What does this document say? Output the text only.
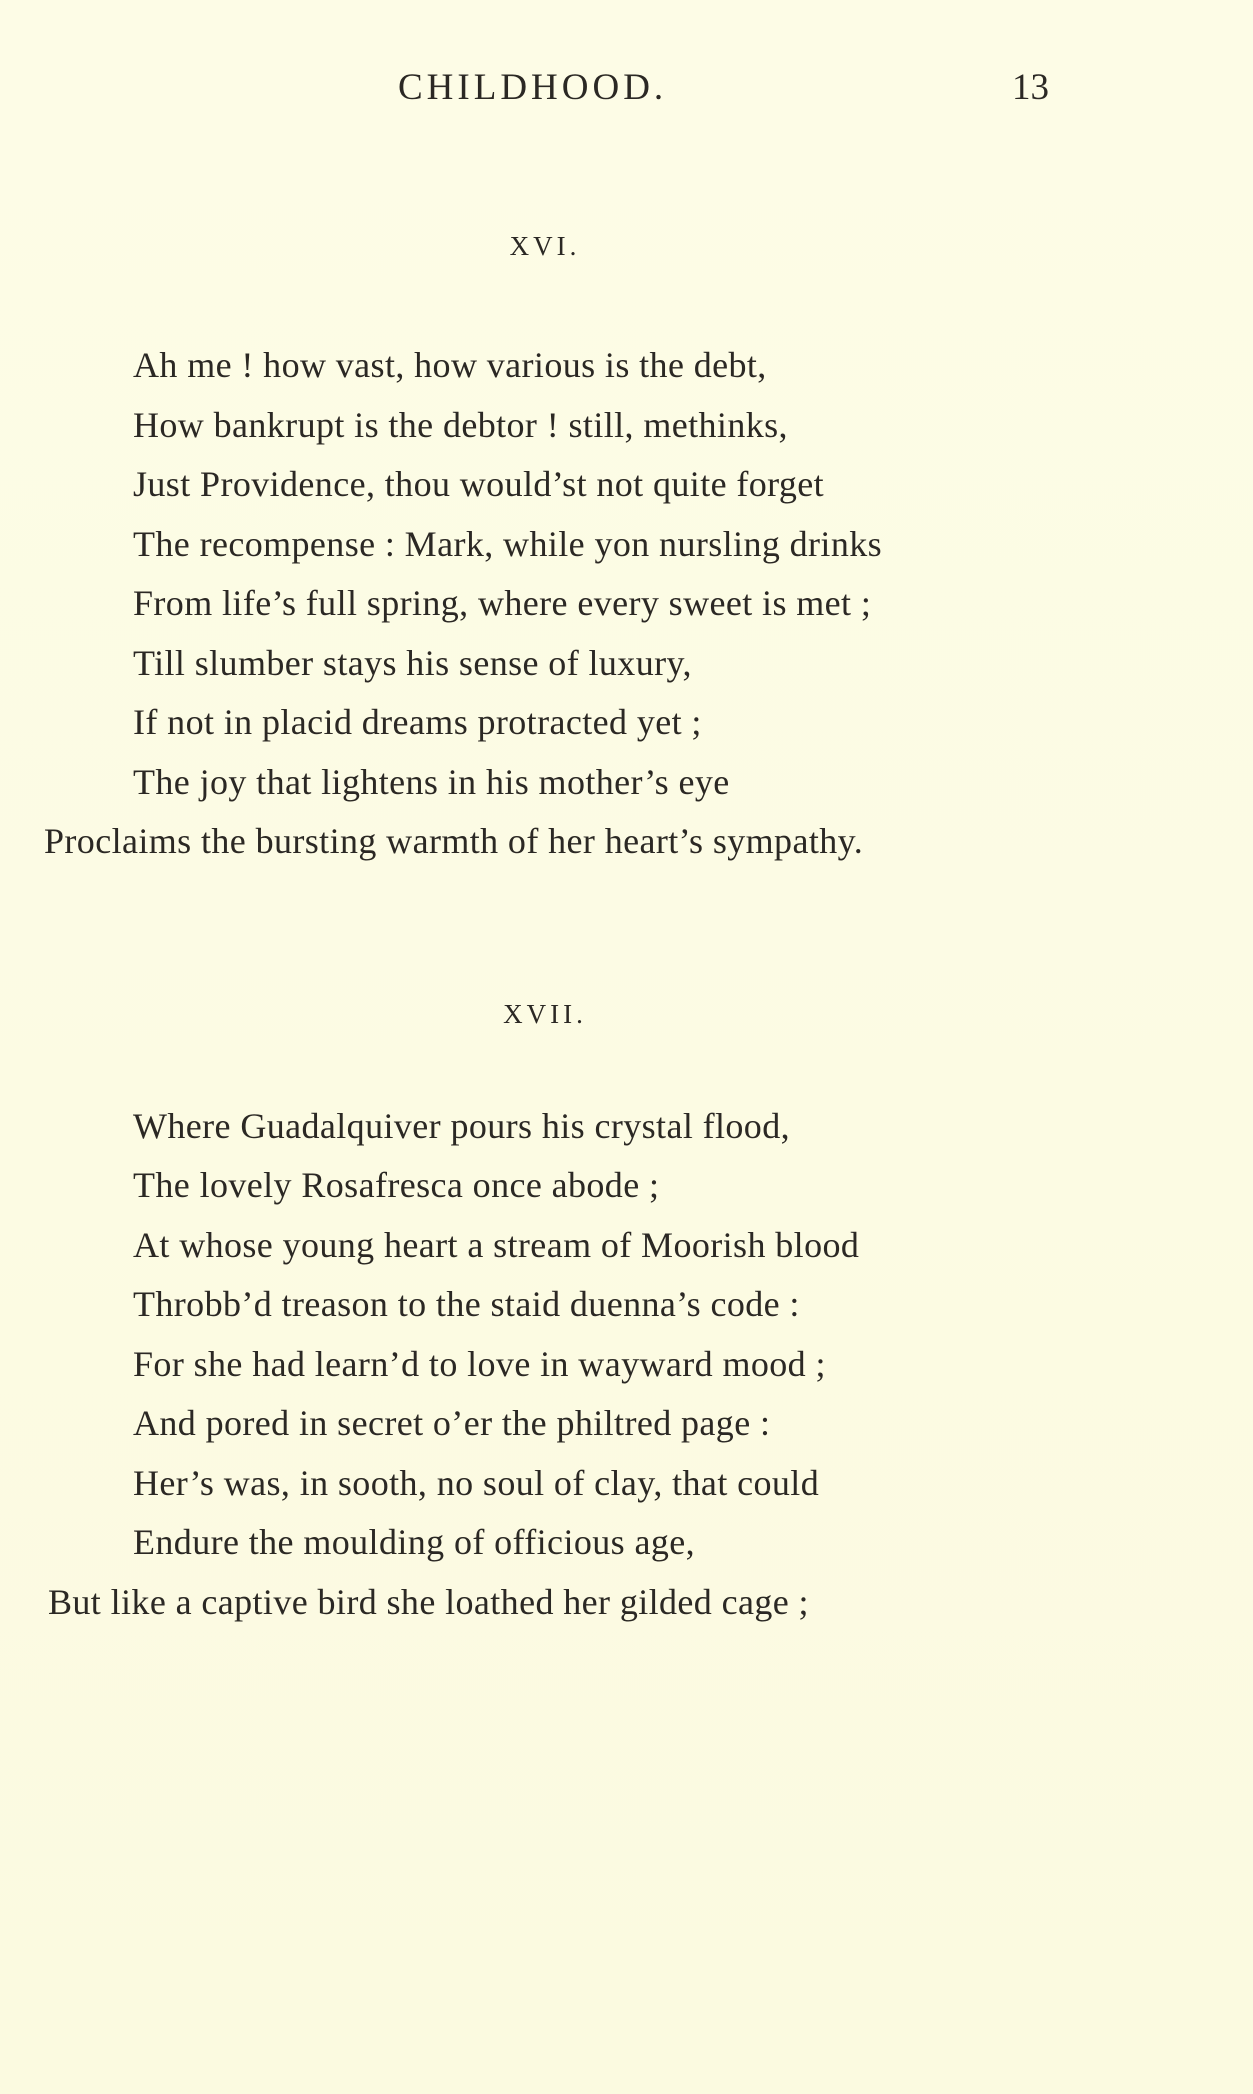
CHILDHOOD.	13
XVI.
Ah me ! how vast, how various is the debt,
How bankrupt is the debtor ! still, methinks,
Just Providence, thou would’st not quite forget
The recompense : Mark, while yon nursling drinks
From life’s full spring, where every sweet is met ;
Till slumber stays his sense of luxury,
If not in placid dreams protracted yet ;
The joy that lightens in his mother’s eye
Proclaims the bursting warmth of her heart’s sympathy.
XVII.
Where Guadalquiver pours his crystal flood,
The lovely Rosafresca once abode ;
At whose young heart a stream of Moorish blood
Throbb’d treason to the staid duenna’s code :
For she had learn’d to love in wayward mood ;
And pored in secret o’er the philtred page :
Her’s was, in sooth, no soul of clay, that could
Endure the moulding of officious age,
But like a captive bird she loathed her gilded cage ;
